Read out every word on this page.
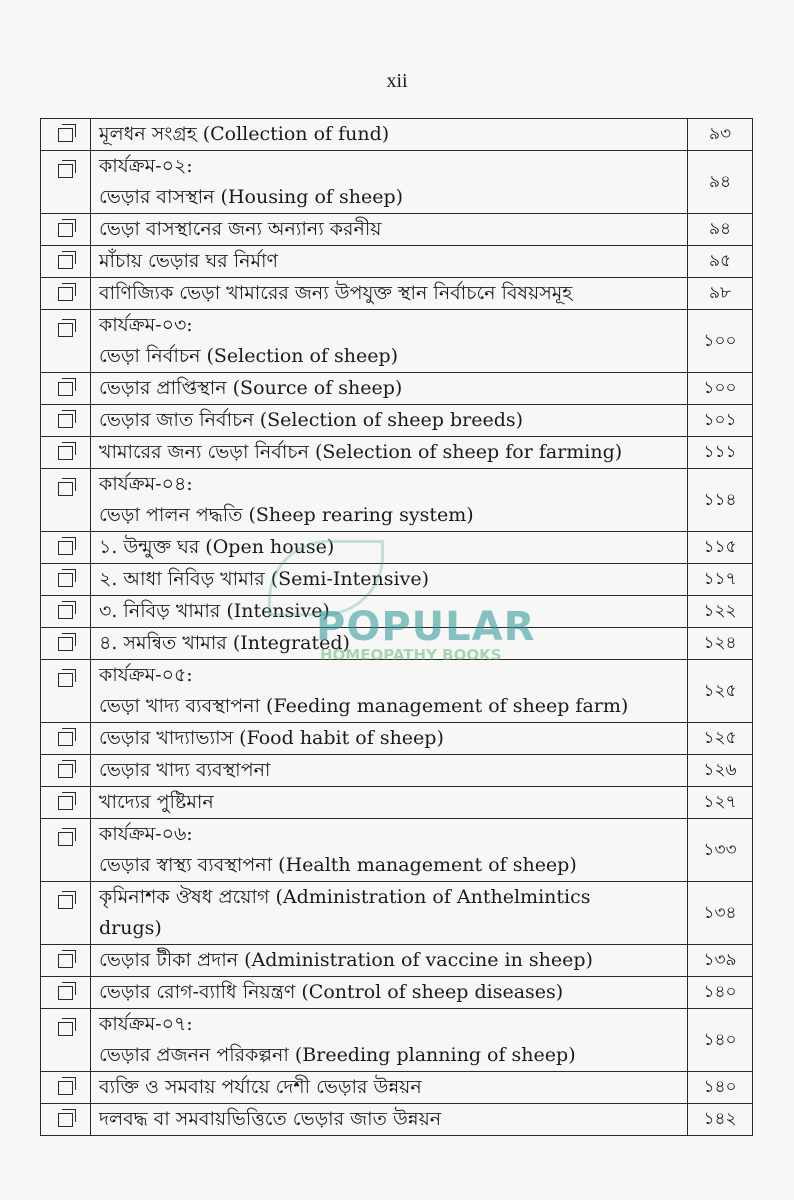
xii

	মূলধন সংগ্রহ (Collection of fund)	৯৩

	কার্যক্রম-০২:
ভেড়ার বাসস্থান (Housing of sheep)	৯৪

	ভেড়া বাসস্থানের জন্য অন্যান্য করনীয়	৯৪

	মাঁচায় ভেড়ার ঘর নির্মাণ	৯৫

	বাণিজ্যিক ভেড়া খামারের জন্য উপযুক্ত স্থান নির্বাচনে বিষয়সমূহ	৯৮

	কার্যক্রম-০৩:
ভেড়া নির্বাচন (Selection of sheep)	১০০

	ভেড়ার প্রাপ্তিস্থান (Source of sheep)	১০০

	ভেড়ার জাত নির্বাচন (Selection of sheep breeds)	১০১

	খামারের জন্য ভেড়া নির্বাচন (Selection of sheep for farming)	১১১

	কার্যক্রম-০৪:
ভেড়া পালন পদ্ধতি (Sheep rearing system)	১১৪

	১. উন্মুক্ত ঘর (Open house)	১১৫

	২. আধা নিবিড় খামার (Semi-Intensive)	১১৭

	৩. নিবিড় খামার (Intensive)	১২২

	৪. সমন্বিত খামার (Integrated)	১২৪

	কার্যক্রম-০৫:
ভেড়া খাদ্য ব্যবস্থাপনা (Feeding management of sheep farm)	১২৫

	ভেড়ার খাদ্যাভ্যাস (Food habit of sheep)	১২৫

	ভেড়ার খাদ্য ব্যবস্থাপনা	১২৬

	খাদ্যের পুষ্টিমান	১২৭

	কার্যক্রম-০৬:
ভেড়ার স্বাস্থ্য ব্যবস্থাপনা (Health management of sheep)	১৩৩

	কৃমিনাশক ঔষধ প্রয়োগ (Administration of Anthelmintics
drugs)	১৩৪

	ভেড়ার টীকা প্রদান (Administration of vaccine in sheep)	১৩৯

	ভেড়ার রোগ-ব্যাধি নিয়ন্ত্রণ (Control of sheep diseases)	১৪০

	কার্যক্রম-০৭:
ভেড়ার প্রজনন পরিকল্পনা (Breeding planning of sheep)	১৪০

	ব্যক্তি ও সমবায় পর্যায়ে দেশী ভেড়ার উন্নয়ন	১৪০

	দলবদ্ধ বা সমবায়ভিত্তিতে ভেড়ার জাত উন্নয়ন	১৪২
POPULAR
HOMEOPATHY BOOKS
